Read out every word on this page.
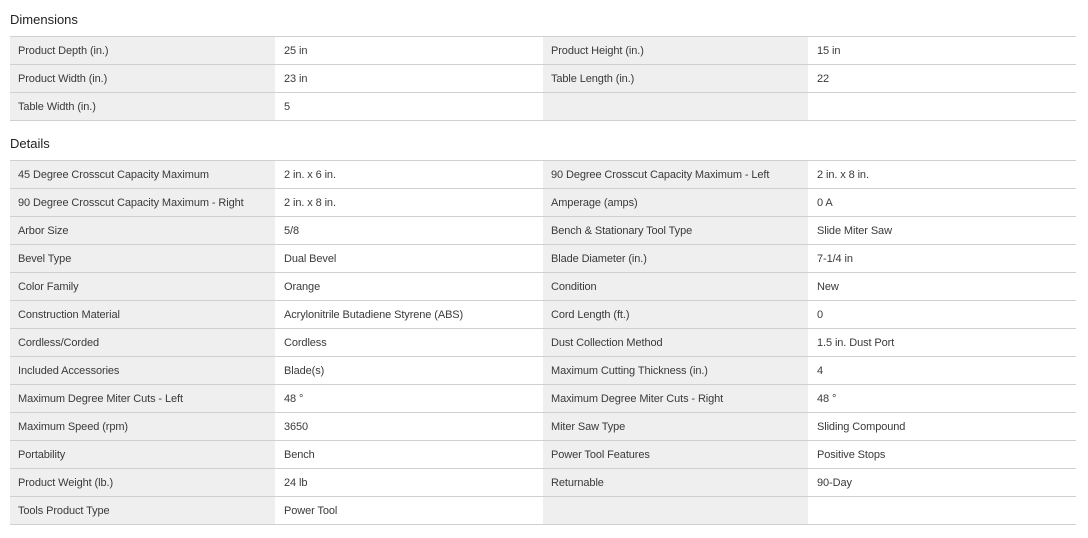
Dimensions
Product Depth (in.)	25 in	Product Height (in.)	15 in
Product Width (in.)	23 in	Table Length (in.)	22
Table Width (in.)	5		
Details
45 Degree Crosscut Capacity Maximum	2 in. x 6 in.	90 Degree Crosscut Capacity Maximum - Left	2 in. x 8 in.
90 Degree Crosscut Capacity Maximum - Right	2 in. x 8 in.	Amperage (amps)	0 A
Arbor Size	5/8	Bench & Stationary Tool Type	Slide Miter Saw
Bevel Type	Dual Bevel	Blade Diameter (in.)	7-1/4 in
Color Family	Orange	Condition	New
Construction Material	Acrylonitrile Butadiene Styrene (ABS)	Cord Length (ft.)	0
Cordless/Corded	Cordless	Dust Collection Method	1.5 in. Dust Port
Included Accessories	Blade(s)	Maximum Cutting Thickness (in.)	4
Maximum Degree Miter Cuts - Left	48 °	Maximum Degree Miter Cuts - Right	48 °
Maximum Speed (rpm)	3650	Miter Saw Type	Sliding Compound
Portability	Bench	Power Tool Features	Positive Stops
Product Weight (lb.)	24 lb	Returnable	90-Day
Tools Product Type	Power Tool		
